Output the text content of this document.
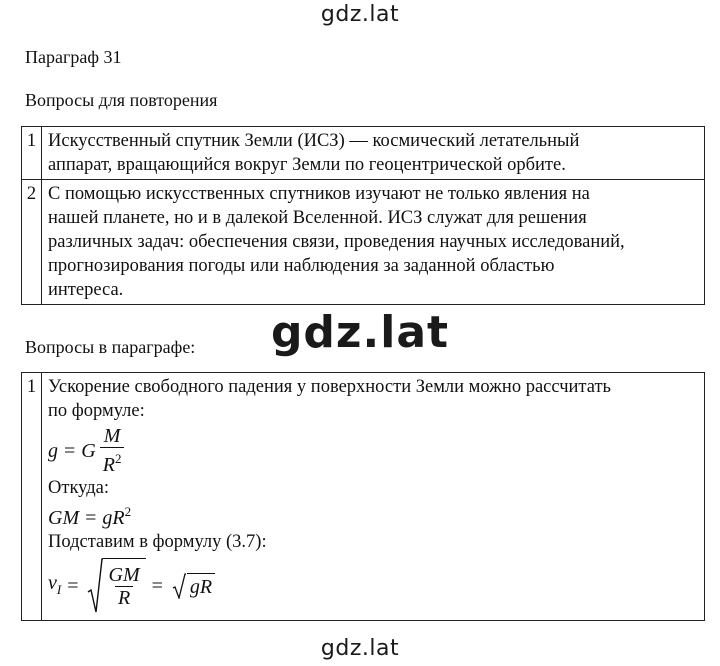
gdz.lat
Параграф 31
Вопросы для повторения
1	Искусственный спутник Земли (ИСЗ) — космический летательный
аппарат, вращающийся вокруг Земли по геоцентрической орбите.

2	С помощью искусственных спутников изучают не только явления на
нашей планете, но и в далекой Вселенной. ИСЗ служат для решения
различных задач: обеспечения связи, проведения научных исследований,
прогнозирования погоды или наблюдения за заданной областью
интереса.
gdz.lat
Вопросы в параграфе:
1	Ускорение свободного падения у поверхности Земли можно рассчитать
по формуле:
g = G $\frac{M}{R^2}$
Откуда:
GM = $gR^2$
Подставим в формулу (3.7):
$v_I = \frac{GM}{R}$ = gR
gdz.lat
